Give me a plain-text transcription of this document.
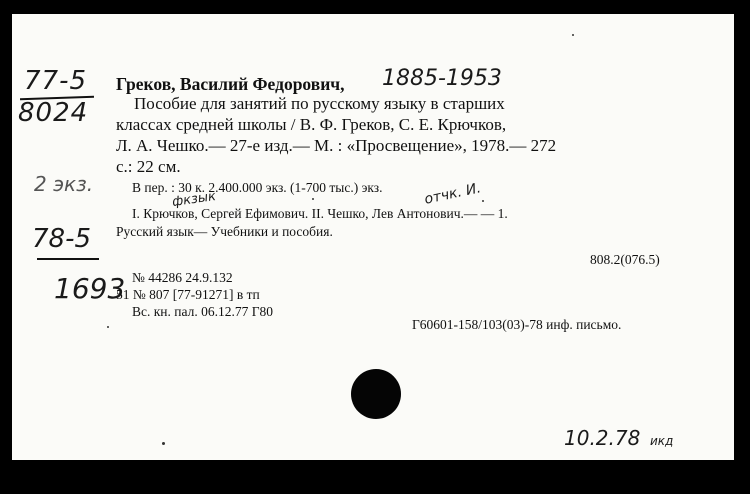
77-5
8024
2 экз.
78-5
1693
Греков, Василий Федорович, 1885-1953
Пособие для занятий по русскому языку в старших
классах средней школы / В. Ф. Греков, С. Е. Крючков,
Л. А. Чешко.— 27-е изд.— М. : «Просвещение», 1978.— 272
с.: 22 см.
В пер. : 30 к. 2.400.000 экз. (1-700 тыс.) экз.
фкзык	отчк. И.
I. Крючков, Сергей Ефимович. II. Чешко, Лев Антонович.— — 1.
Русский язык— Учебники и пособия.
808.2(076.5)
№ 44286 24.9.132
51 № 807 [77-91271] в тп
Вс. кн. пал. 06.12.77 Г80
Г60601-158/103(03)-78 инф. письмо.
10.2.78 икд
